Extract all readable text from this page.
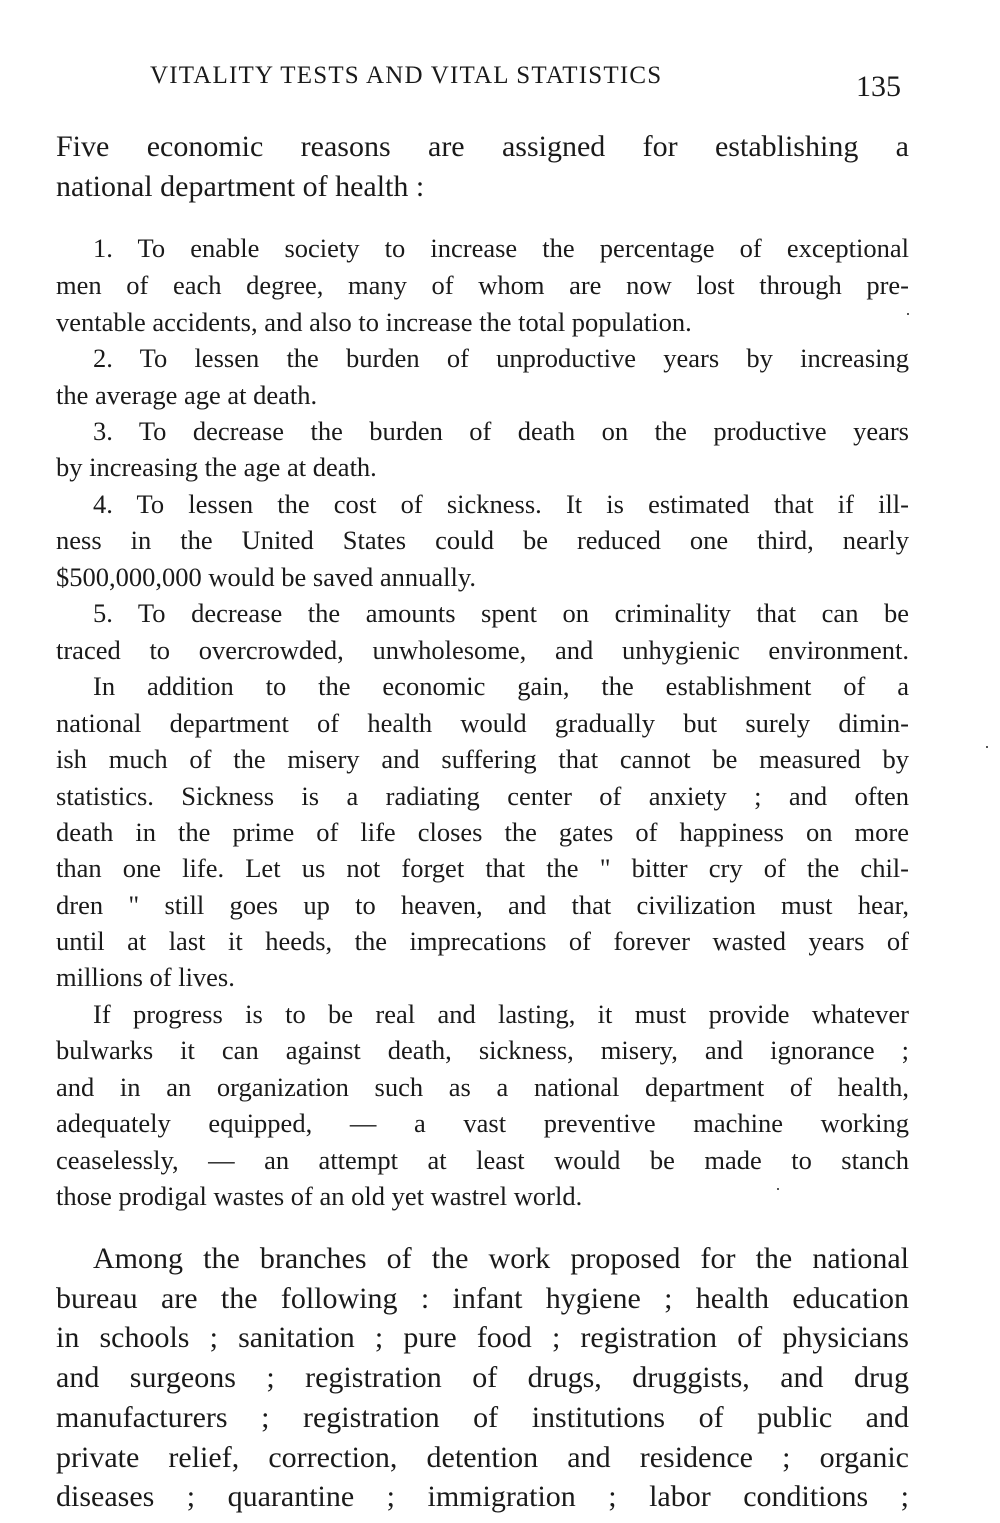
VITALITY TESTS AND VITAL STATISTICS	135
Five economic reasons are assigned for establishing a
national department of health :
1. To enable society to increase the percentage of exceptional
men of each degree, many of whom are now lost through pre-
ventable accidents, and also to increase the total population.
2. To lessen the burden of unproductive years by increasing
the average age at death.
3. To decrease the burden of death on the productive years
by increasing the age at death.
4. To lessen the cost of sickness. It is estimated that if ill-
ness in the United States could be reduced one third, nearly
$500,000,000 would be saved annually.
5. To decrease the amounts spent on criminality that can be
traced to overcrowded, unwholesome, and unhygienic environment.
In addition to the economic gain, the establishment of a
national department of health would gradually but surely dimin-
ish much of the misery and suffering that cannot be measured by
statistics. Sickness is a radiating center of anxiety ; and often
death in the prime of life closes the gates of happiness on more
than one life. Let us not forget that the " bitter cry of the chil-
dren " still goes up to heaven, and that civilization must hear,
until at last it heeds, the imprecations of forever wasted years of
millions of lives.
If progress is to be real and lasting, it must provide whatever
bulwarks it can against death, sickness, misery, and ignorance ;
and in an organization such as a national department of health,
adequately equipped, — a vast preventive machine working
ceaselessly, — an attempt at least would be made to stanch
those prodigal wastes of an old yet wastrel world.
Among the branches of the work proposed for the national
bureau are the following : infant hygiene ; health education
in schools ; sanitation ; pure food ; registration of physicians
and surgeons ; registration of drugs, druggists, and drug
manufacturers ; registration of institutions of public and
private relief, correction, detention and residence ; organic
diseases ; quarantine ; immigration ; labor conditions ;
